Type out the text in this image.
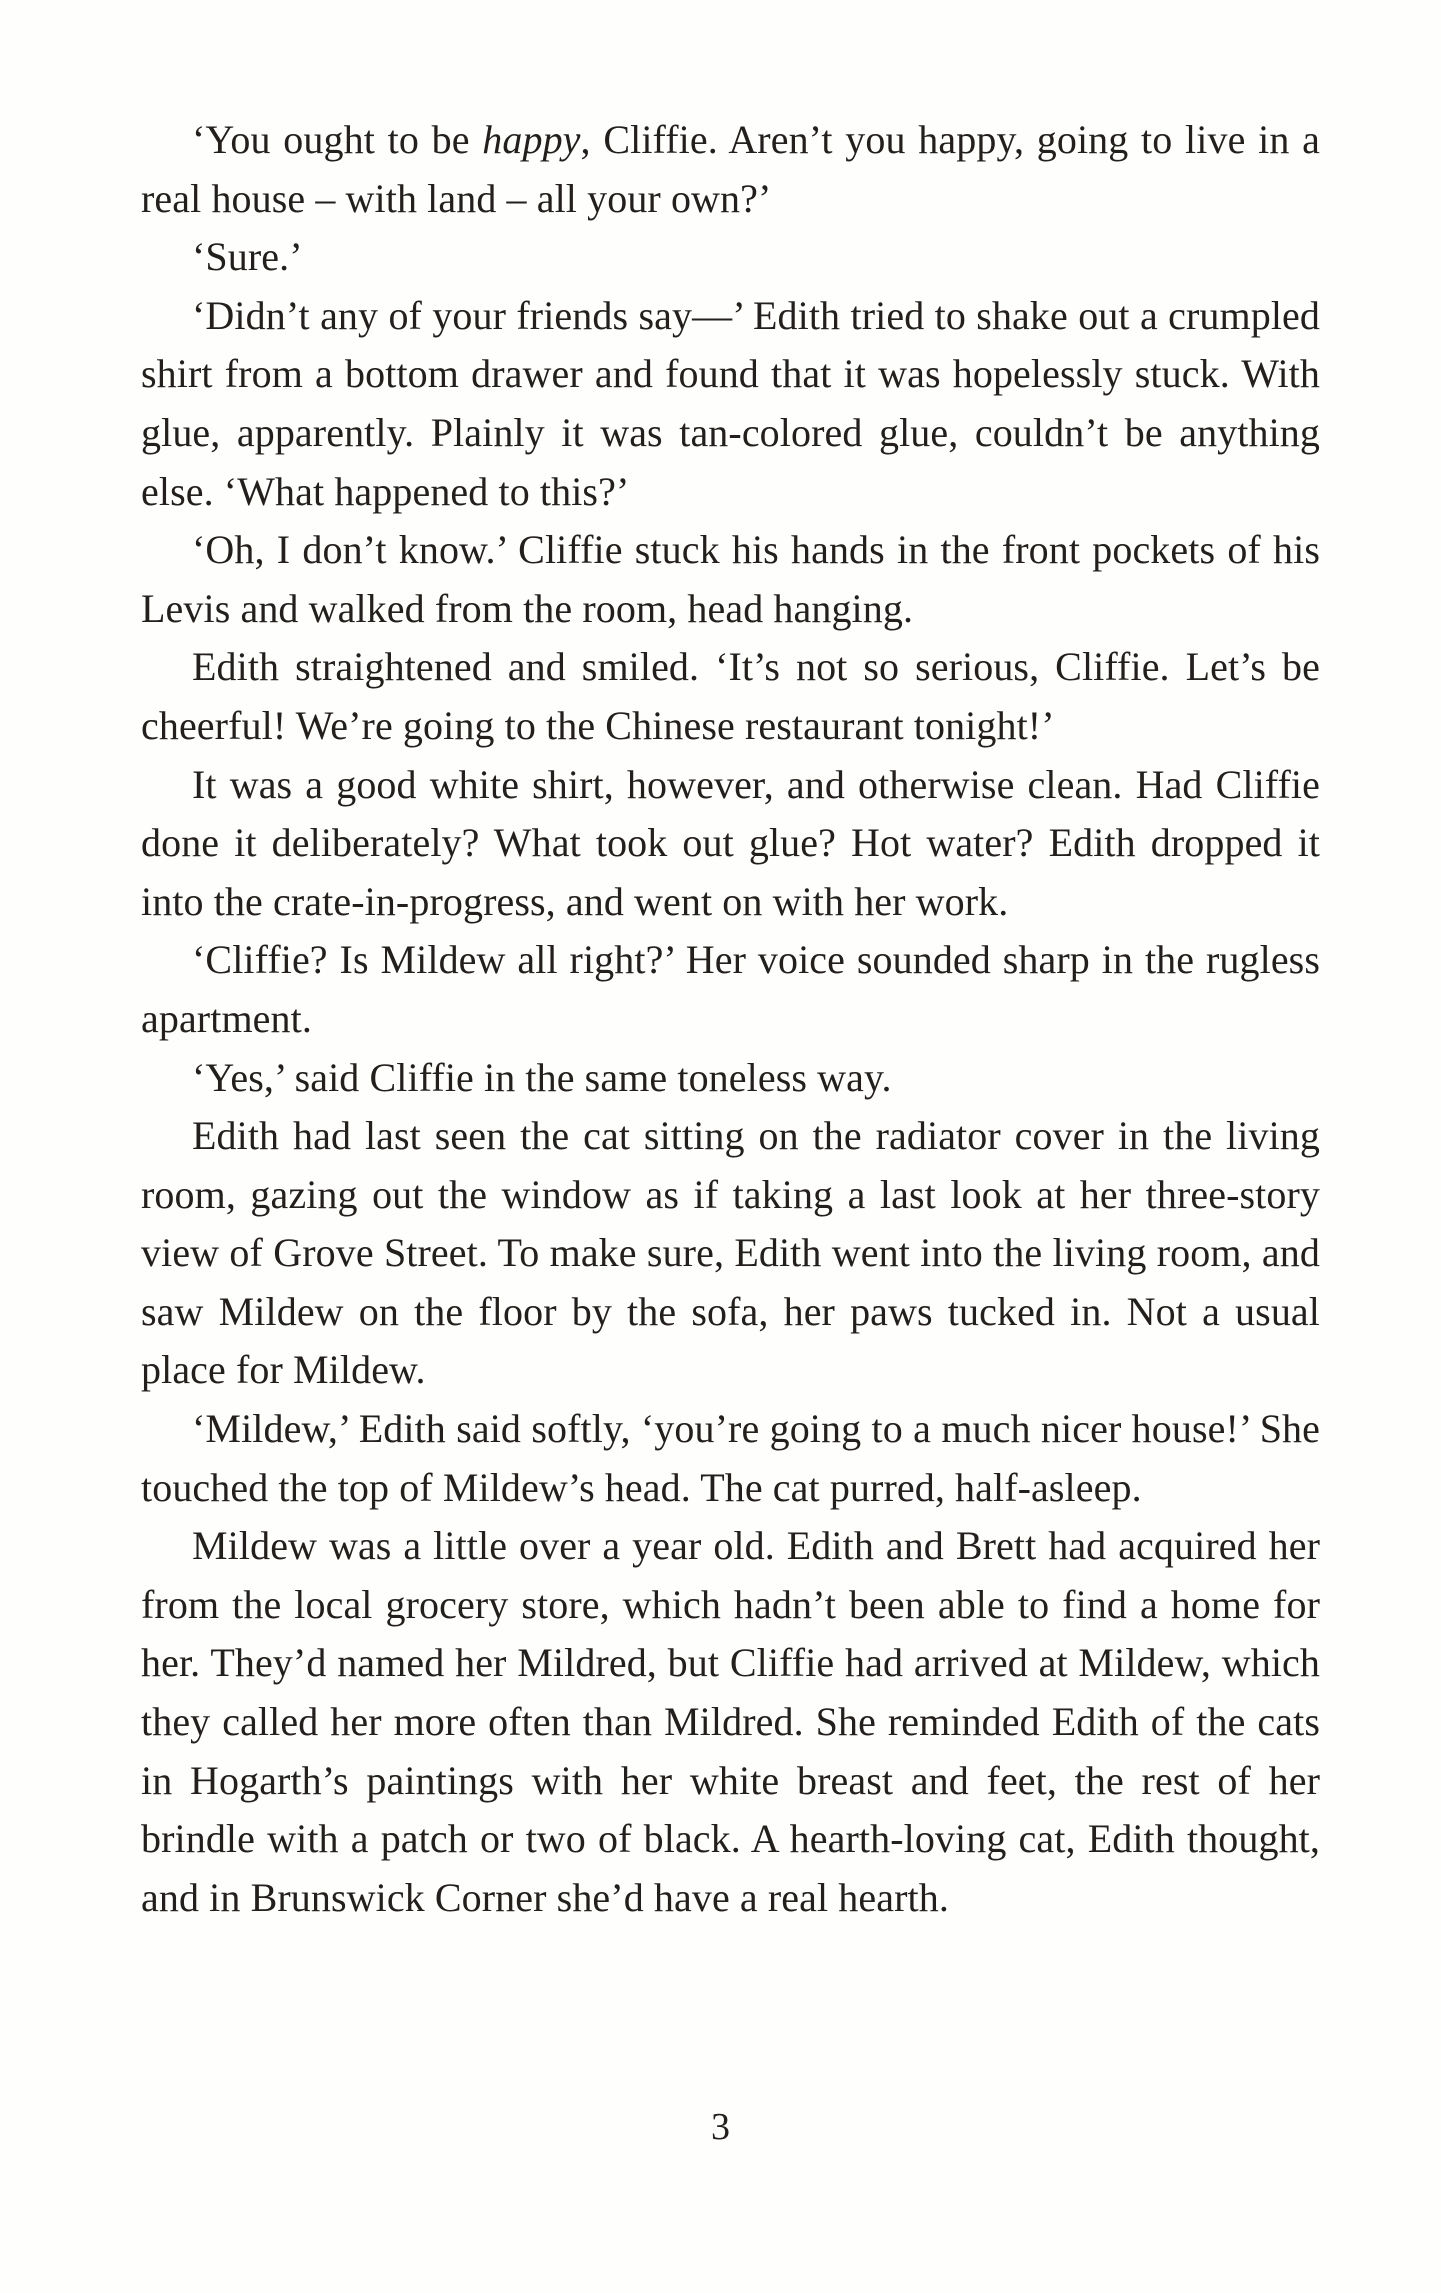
‘You ought to be happy, Cliffie. Aren’t you happy, going to live in a real house – with land – all your own?’

‘Sure.’

‘Didn’t any of your friends say—’ Edith tried to shake out a crumpled shirt from a bottom drawer and found that it was hopelessly stuck. With glue, apparently. Plainly it was tan-colored glue, couldn’t be anything else. ‘What happened to this?’

‘Oh, I don’t know.’ Cliffie stuck his hands in the front pockets of his Levis and walked from the room, head hanging.

Edith straightened and smiled. ‘It’s not so serious, Cliffie. Let’s be cheerful! We’re going to the Chinese restaurant tonight!’

It was a good white shirt, however, and otherwise clean. Had Cliffie done it deliberately? What took out glue? Hot water? Edith dropped it into the crate-in-progress, and went on with her work.

‘Cliffie? Is Mildew all right?’ Her voice sounded sharp in the rugless apartment.

‘Yes,’ said Cliffie in the same toneless way.

Edith had last seen the cat sitting on the radiator cover in the living room, gazing out the window as if taking a last look at her three-story view of Grove Street. To make sure, Edith went into the living room, and saw Mildew on the floor by the sofa, her paws tucked in. Not a usual place for Mildew.

‘Mildew,’ Edith said softly, ‘you’re going to a much nicer house!’ She touched the top of Mildew’s head. The cat purred, half-asleep.

Mildew was a little over a year old. Edith and Brett had acquired her from the local grocery store, which hadn’t been able to find a home for her. They’d named her Mildred, but Cliffie had arrived at Mildew, which they called her more often than Mildred. She reminded Edith of the cats in Hogarth’s paintings with her white breast and feet, the rest of her brindle with a patch or two of black. A hearth-loving cat, Edith thought, and in Brunswick Corner she’d have a real hearth.

3
